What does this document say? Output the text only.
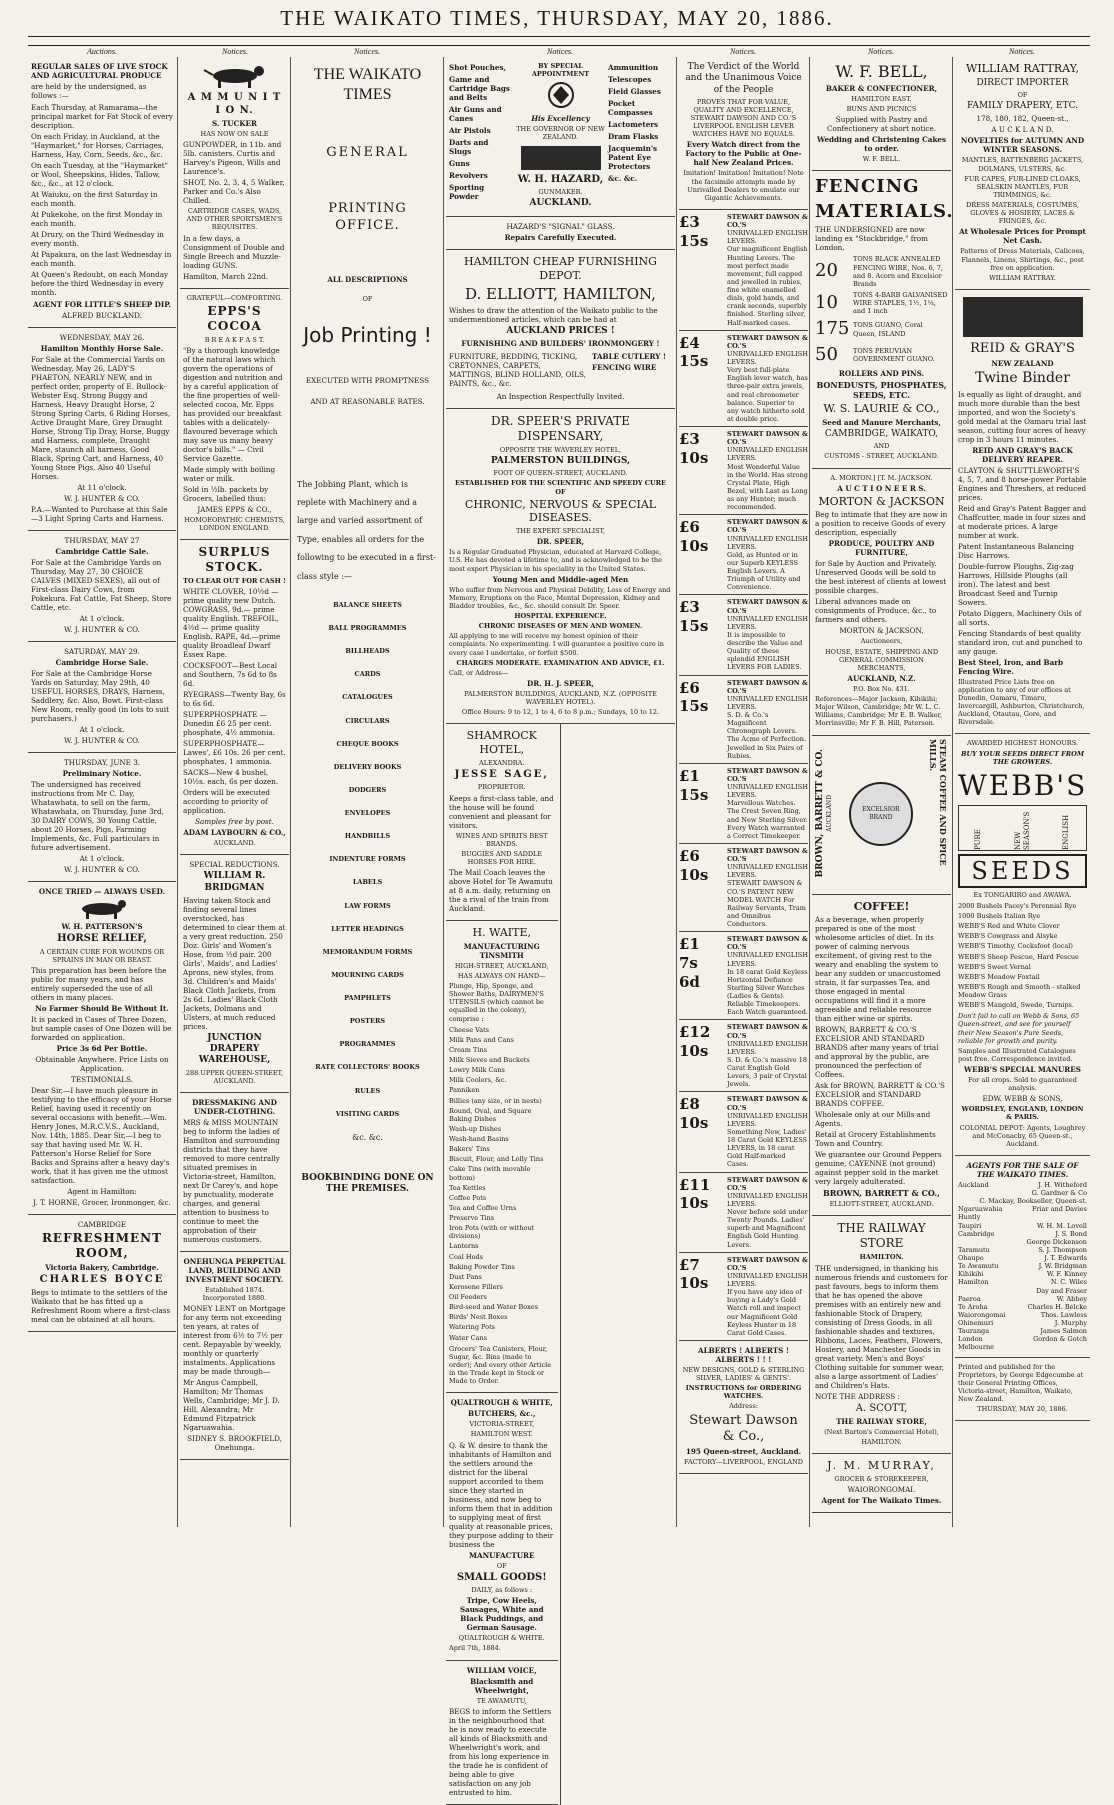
THE WAIKATO TIMES, THURSDAY, MAY 20, 1886.
Auctions.	Notices.	Notices.	Notices.	Notices.	Notices.	Notices.

REGULAR SALES OF LIVE STOCK AND AGRICULTURAL PRODUCE

are held by the undersigned, as follows :—

Each Thursday, at Ramarama—the principal market for Fat Stock of every description.
On each Friday, in Auckland, at the "Haymarket," for Horses, Carriages, Harness, Hay, Corn, Seeds, &c., &c.
On each Tuesday, at the "Haymarket" or Wool, Sheepskins, Hides, Tallow, &c., &c., at 12 o'clock.
At Waiuku, on the first Saturday in each month.
At Pukekohe, on the first Monday in each month.
At Drury, on the Third Wednesday in every month.
At Papakura, on the last Wednesday in each month.
At Queen's Redoubt, on each Monday before the third Wednesday in every month.

AGENT FOR LITTLE'S SHEEP DIP.

ALFRED BUCKLAND.

WEDNESDAY, MAY 26.

Hamilton Monthly Horse Sale.

For Sale at the Commercial Yards on Wednesday, May 26, LADY'S PHAETON, NEARLY NEW, and in perfect order, property of E. Bullock-Webster Esq. Strong Buggy and Harness, Heavy Draught Horse, 2 Strong Spring Carts, 6 Riding Horses, Active Draught Mare, Grey Draught Horse, Strong Tip Dray, Horse, Buggy and Harness, complete, Draught Mare, staunch all harness, Good Black, Spring Cart, and Harness, 40 Young Store Pigs, Also 40 Useful Horses.

At 11 o'clock.

W. J. HUNTER & CO.

P.A.—Wanted to Purchase at this Sale —3 Light Spring Carts and Harness.

THURSDAY, MAY 27

Cambridge Cattle Sale.

For Sale at the Cambridge Yards on Thursday, May 27, 30 CHOICE CALVES (MIXED SEXES), all out of First-class Dairy Cows, from Pokekura. Fat Cattle, Fat Sheep, Store Cattle, etc.

At 1 o'clock.

W. J. HUNTER & CO.

SATURDAY, MAY 29.

Cambridge Horse Sale.

For Sale at the Cambridge Horse Yards on Saturday, May 29th, 40 USEFUL HORSES, DRAYS, Harness, Saddlery, &c. Also, Bowt. First-class New Room, really good (in lots to suit purchasers.)

At 1 o'clock.

W. J. HUNTER & CO.

THURSDAY, JUNE 3.

Preliminary Notice.

The undersigned has received instructions from Mr C. Day, Whatawhata, to sell on the farm, Whatawhata, on Thursday, June 3rd, 30 DAIRY COWS, 30 Young Cattle, about 20 Horses, Pigs, Farming Implements, &c. Full particulars in future advertisement.

At 1 o'clock.

W. J. HUNTER & CO.

ONCE TRIED — ALWAYS USED.

W. H. PATTERSON'S

HORSE RELIEF,

A CERTAIN CURE FOR WOUNDS OR SPRAINS IN MAN OR BEAST.

This preparation has been before the public for many years, and has entirely superseded the use of all others in many places.

No Farmer Should Be Without It.

It is packed in Cases of Three Dozen, but sample cases of One Dozen will be forwarded on application.

Price 3s 6d Per Bottle.

Obtainable Anywhere. Price Lists on Application.

TESTIMONIALS.

Dear Sir,—I have much pleasure in testifying to the efficacy of your Horse Relief, having used it recently on several occasions with benefit.—Wm. Henry Jones, M.R.C.V.S., Auckland, Nov. 14th, 1885. Dear Sir,—I beg to say that having used Mr. W. H. Patterson's Horse Relief for Sore Backs and Sprains after a heavy day's work, that it has given me the utmost satisfaction.

Agent in Hamilton:

J. T. HORNE, Grocer, Ironmonger, &c.

CAMBRIDGE

REFRESHMENT ROOM,

Victoria Bakery, Cambridge.

CHARLES BOYCE

Begs to intimate to the settlers of the Waikato that he has fitted up a Refreshment Room where a first-class meal can be obtained at all hours.

A M M U N I T I O N.

S. TUCKER

HAS NOW ON SALE

GUNPOWDER, in 11b. and 5lb. canisters. Curtis and Harvey's Pigeon, Wills and Laurence's.

SHOT, No. 2, 3, 4, 5 Walker, Parker and Co.'s Also Chilled.

CARTRIDGE CASES, WADS, AND OTHER SPORTSMEN'S REQUISITES.

In a few days, a Consignment of Double and Single Breech and Muzzle-loading GUNS.

Hamilton, March 22nd.

GRATEFUL—COMFORTING.

EPPS'S COCOA

B R E A K F A S T.

"By a thorough knowledge of the natural laws which govern the operations of digestion and nutrition and by a careful application of the fine properties of well-selected cocoa, Mr. Epps has provided our breakfast tables with a delicately-flavoured beverage which may save us many heavy doctor's bills." — Civil Service Gazette.

Made simply with boiling water or milk.

Sold in ½lb. packets by Grocers, labelled thus:

JAMES EPPS & CO.,

HOMOEOPATHIC CHEMISTS, LONDON ENGLAND.

SURPLUS STOCK.

TO CLEAR OUT FOR CASH !

WHITE CLOVER, 10½d — prime quality new Dutch. COWGRASS, 9d.— prime quality English. TREFOIL, 4½d — prime quality English. RAPE, 4d.—prime quality Broadleaf Dwarf Essex Rape.

COCKSFOOT—Best Local and Southern, 7s 6d to 8s 6d.

RYEGRASS—Twenty Bay, 6s to 6s 6d.

SUPERPHOSPHATE — Dunedin £6 25 per cent. phosphate, 4½ ammonia.

SUPERPHOSPHATE—Lawes', £6 10s. 26 per cent. phosphates, 1 ammonia.

SACKS—New 4 bushel, 10½s. each, 6s per dozen.

Orders will be executed according to priority of application.

Samples free by post.

ADAM LAYBOURN & CO.,

AUCKLAND.

SPECIAL REDUCTIONS.

WILLIAM R. BRIDGMAN

Having taken Stock and finding several lines overstocked, has determined to clear them at a very great reduction. 250 Doz. Girls' and Women's Hose, from ½d pair. 200 Girls', Maids', and Ladies' Aprons, new styles, from 3d. Children's and Maids' Black Cloth Jackets, from 2s 6d. Ladies' Black Cloth Jackets, Dolmans and Ulsters, at much reduced prices.

JUNCTION DRAPERY WAREHOUSE,

288 UPPER QUEEN-STREET, AUCKLAND.

DRESSMAKING AND UNDER-CLOTHING.

MRS & MISS MOUNTAIN beg to inform the ladies of Hamilton and surrounding districts that they have removed to more centrally situated premises in Victoria-street, Hamilton, next Dr Carey's, and hope by punctuality, moderate charges, and general attention to business to continue to meet the approbation of their numerous customers.

ONEHUNGA PERPETUAL LAND, BUILDING AND INVESTMENT SOCIETY.

Established 1874. Incorporated 1880.

MONEY LENT on Mortgage for any term not exceeding ten years, at rates of interest from 6½ to 7½ per cent. Repayable by weekly, monthly or quarterly instalments. Applications may be made through—

Mr Angus Campbell, Hamilton; Mr Thomas Wells, Cambridge; Mr J. D. Hill, Alexandra; Mr Edmund Fitzpatrick Ngaruawahia.

SIDNEY S. BROOKFIELD, Onehunga.

THE WAIKATO TIMES

GENERAL

PRINTING OFFICE.

ALL DESCRIPTIONS

OF

Job Printing !

EXECUTED WITH PROMPTNESS

AND AT REASONABLE RATES.

The Jobbing Plant, which is replete with Machinery and a large and varied assortment of Type, enables all orders for the following to be executed in a first-class style :—

BALANCE SHEETS

BALL PROGRAMMES

BILLHEADS

CARDS

CATALOGUES

CIRCULARS

CHEQUE BOOKS

DELIVERY BOOKS

DODGERS

ENVELOPES

HANDBILLS

INDENTURE FORMS

LABELS

LAW FORMS

LETTER HEADINGS

MEMORANDUM FORMS

MOURNING CARDS

PAMPHLETS

POSTERS

PROGRAMMES

RATE COLLECTORS' BOOKS

RULES

VISITING CARDS

&c. &c.

BOOKBINDING DONE ON THE PREMISES.

Shot Pouches,

Game and Cartridge Bags and Belts

Air Guns and Canes

Air Pistols

Darts and Slugs

Guns

Revolvers

Sporting Powder

BY SPECIAL APPOINTMENT

His Excellency

THE GOVERNOR OF NEW ZEALAND.

W. H. HAZARD,

GUNMAKER.

AUCKLAND.

Ammunition

Telescopes

Field Glasses

Pocket Compasses

Lactometers

Dram Flasks

Jacquemin's Patent Eye Protectors

&c. &c.

HAZARD'S "SIGNAL" GLASS.

Repairs Carefully Executed.

HAMILTON CHEAP FURNISHING DEPOT.

D. ELLIOTT, HAMILTON,

Wishes to draw the attention of the Waikato public to the undermentioned articles, which can be had at

AUCKLAND PRICES !

FURNISHING AND BUILDERS' IRONMONGERY !

FURNITURE, BEDDING, TICKING, CRETONNES, CARPETS, MATTINGS, BLIND HOLLAND, OILS, PAINTS, &c., &c.

TABLE CUTLERY !

FENCING WIRE

An Inspection Respectfully Invited.

DR. SPEER'S PRIVATE DISPENSARY,

OPPOSITE THE WAVERLEY HOTEL,

PALMERSTON BUILDINGS,

FOOT OF QUEEN-STREET, AUCKLAND.

ESTABLISHED FOR THE SCIENTIFIC AND SPEEDY CURE OF

CHRONIC, NERVOUS & SPECIAL DISEASES.

THE EXPERT SPECIALIST,

DR. SPEER,

Is a Regular Graduated Physician, educated at Harvard College, U.S. He has devoted a lifetime to, and is acknowledged to be the most expert Physician in his speciality in the United States.

Young Men and Middle-aged Men

Who suffer from Nervous and Physical Debility, Loss of Energy and Memory, Eruptions on the Face, Mental Depression, Kidney and Bladder troubles, &c., &c. should consult Dr. Speer.

HOSPITAL EXPERIENCE.

CHRONIC DISEASES OF MEN AND WOMEN.

All applying to me will receive my honest opinion of their complaints. No experimenting. I will guarantee a positive cure in every case I undertake, or forfeit $500.

CHARGES MODERATE. EXAMINATION AND ADVICE, £1.

Call, or Address—

DR. H. J. SPEER,

PALMERSTON BUILDINGS, AUCKLAND, N.Z. (OPPOSITE WAVERLEY HOTEL).

Office Hours: 9 to 12, 1 to 4, 6 to 8 p.m.; Sundays, 10 to 12.

SHAMROCK HOTEL,

ALEXANDRA.

JESSE SAGE,

PROPRIETOR.

Keeps a first-class table, and the house will be found convenient and pleasant for visitors.

WINES AND SPIRITS BEST BRANDS.

BUGGIES AND SADDLE HORSES FOR HIRE.

The Mail Coach leaves the above Hotel for Te Awamutu at 8 a.m. daily, returning on the a rival of the train from Auckland.

H. WAITE,

MANUFACTURING TINSMITH

HIGH-STREET, AUCKLAND,

HAS ALWAYS ON HAND—

Plunge, Hip, Sponge, and Shower Baths, DAIRYMEN'S UTENSILS (which cannot be equalled in the colony), comprise :

Cheese Vats
Milk Pans and Cans
Cream Tins
Milk Sieves and Buckets
Lowry Milk Cans
Milk Coolers, &c.
Panniken
Billies (any size, or in nests)
Round, Oval, and Square Baking Dishes
Wash-up Dishes
Wash-hand Basins
Bakers' Tins
Biscuit, Flour, and Lolly Tins
Cake Tins (with movable bottom)
Tea Kettles
Coffee Pots
Tea and Coffee Urns
Preserve Tins
Iron Pots (with or without divisions)
Lanterns
Coal Hods
Baking Powder Tins
Dust Pans
Kerosene Fillers
Oil Feeders
Bird-seed and Water Boxes
Birds' Nest Boxes
Watering Pots
Water Cans

Grocers' Tea Canisters, Flour, Sugar, &c. Bins (made to order); And every other Article in the Trade kept in Stock or Made to Order.

QUALTROUGH & WHITE,

BUTCHERS, &c.,

VICTORIA-STREET,

HAMILTON WEST.

Q. & W. desire to thank the inhabitants of Hamilton and the settlers around the district for the liberal support accorded to them since they started in business, and now beg to inform them that in addition to supplying meat of first quality at reasonable prices, they purpose adding to their business the

MANUFACTURE

OF

SMALL GOODS!

DAILY, as follows :

Tripe, Cow Heels, Sausages, White and Black Puddings, and German Sausage.

QUALTROUGH & WHITE.

April 7th, 1884.

WILLIAM VOICE,

Blacksmith and Wheelwright,

TE AWAMUTU,

BEGS to inform the Settlers in the neighbourhood that he is now ready to execute all kinds of Blacksmith and Wheelwright's work, and from his long experience in the trade he is confident of being able to give satisfaction on any job entrusted to him.

The Verdict of the World and the Unanimous Voice of the People

PROVES THAT FOR VALUE, QUALITY AND EXCELLENCE, STEWART DAWSON AND CO.'S LIVERPOOL ENGLISH LEVER WATCHES HAVE NO EQUALS.

Every Watch direct from the Factory to the Public at One-half New Zealand Prices.

Imitation! Imitation! Imitation! Note the facsimile attempts made by Unrivalled Dealers to emulate our Gigantic Achievements.

£3 15s
STEWART DAWSON & CO.'S
UNRIVALLED ENGLISH LEVERS.
Our magnificent English Hunting Levers. The most perfect made movement, full capped and jewelled in rubies, fine white enamelled dials, gold hands, and crank seconds, superbly finished. Sterling silver, Half-marked cases.
£4 15s
STEWART DAWSON & CO.'S
UNRIVALLED ENGLISH LEVERS.
Very best full-plate English lever watch, has three-pair extra jewels, and real chronometer balance. Superior to any watch hitherto sold at double price.
£3 10s
STEWART DAWSON & CO.'S
UNRIVALLED ENGLISH LEVERS.
Most Wonderful Value in the World. Has strong Crystal Plate, High Bezel, with Last as Long as any Hunter; much recommended.
£6 10s
STEWART DAWSON & CO.'S
UNRIVALLED ENGLISH LEVERS.
Gold, as Hunted or in our Superb KEYLESS English Levers. A Triumph of Utility and Convenience.
£3 15s
STEWART DAWSON & CO.'S
UNRIVALLED ENGLISH LEVERS.
It is impossible to describe the Value and Quality of these splendid ENGLISH LEVERS FOR LADIES.
£6 15s
STEWART DAWSON & CO.'S
UNRIVALLED ENGLISH LEVERS.
S. D. & Co.'s Magnificent Chronograph Levers. The Acme of Perfection. Jewelled in Six Pairs of Rubies.
£1 15s
STEWART DAWSON & CO.'S
UNRIVALLED ENGLISH LEVERS.
Marvellous Watches. The Crest Seven Ring, and New Sterling Silver. Every Watch warranted a Correct Timekeeper.
£6 10s
STEWART DAWSON & CO.'S
UNRIVALLED ENGLISH LEVERS.
STEWART DAWSON & CO.'S PATENT NEW MODEL WATCH For Railway Servants, Tram and Omnibus Conductors.
£1 7s 6d
STEWART DAWSON & CO.'S
UNRIVALLED ENGLISH LEVERS.
In 18 carat Gold Keyless Horizontal Defiance Sterling Silver Watches (Ladies & Gents). Reliable Timekeepers. Each Watch guaranteed.
£12 10s
STEWART DAWSON & CO.'S
UNRIVALLED ENGLISH LEVERS.
S. D. & Co.'s massive 18 Carat English Gold Levers, 3 pair of Crystal Jewels.
£8 10s
STEWART DAWSON & CO.'S
UNRIVALLED ENGLISH LEVERS.
Something New, Ladies' 18 Carat Gold KEYLESS LEVERS, in 18 carat Gold Half-marked Cases.
£11 10s
STEWART DAWSON & CO.'S
UNRIVALLED ENGLISH LEVERS.
Never before sold under Twenty Pounds. Ladies' superb and Magnificent English Gold Hunting Levers.
£7 10s
STEWART DAWSON & CO.'S
UNRIVALLED ENGLISH LEVERS.
If you have any idea of buying a Lady's Gold Watch roll and inspect our Magnificent Gold Keyless Hunter in 18 Carat Gold Cases.

ALBERTS ! ALBERTS ! ALBERTS ! ! !

NEW DESIGNS, GOLD & STERLING SILVER, LADIES' & GENTS'.

INSTRUCTIONS for ORDERING WATCHES.

Address:

Stewart Dawson & Co.,

195 Queen-street, Auckland.

FACTORY—LIVERPOOL, ENGLAND

W. F. BELL,

BAKER & CONFECTIONER,

HAMILTON EAST.

BUNS AND PICNICS

Supplied with Pastry and Confectionery at short notice.

Wedding and Christening Cakes to order.

W. F. BELL.

FENCING

MATERIALS.

THE UNDERSIGNED are now landing ex "Stockbridge," from London,

20
TONS BLACK ANNEALED FENCING WIRE, Nos. 6, 7, and 8. Acorn and Excelsior Brands
10	TONS 4-BARB GALVANISED WIRE STAPLES, 1½, 1¼, and 1 inch
175 TONS GUANO, Coral Queen, ISLAND
50	TONS PERUVIAN GOVERNMENT GUANO.

ROLLERS AND PINS.

BONEDUSTS, PHOSPHATES, SEEDS, ETC.

W. S. LAURIE & CO.,

Seed and Manure Merchants,

CAMBRIDGE, WAIKATO,

AND

CUSTOMS - STREET, AUCKLAND.

A. MORTON.] [T. M. JACKSON.

A U C T I O N E E R S.

MORTON & JACKSON

Beg to intimate that they are now in a position to receive Goods of every description, especially

PRODUCE, POULTRY AND FURNITURE,

for Sale by Auction and Privately. Unreserved Goods will be sold to the best interest of clients at lowest possible charges.

Liberal advances made on consignments of Produce, &c., to farmers and others.

MORTON & JACKSON,

Auctioneers,

HOUSE, ESTATE, SHIPPING AND GENERAL COMMISSION MERCHANTS,

AUCKLAND, N.Z.

P.O. Box No. 431.

References—Major Jackson, Kihikihi; Major Wilson, Cambridge; Mr W. L. C. Williams, Cambridge; Mr E. B. Walker, Morrinsville; Mr F. B. Hill, Paterson.

BROWN, BARRETT & CO. AUCKLAND	EXCELSIOR BRAND	STEAM COFFEE AND SPICE MILLS.

COFFEE!

As a beverage, when properly prepared is one of the most wholesome articles of diet. In its power of calming nervous excitement, of giving rest to the weary and enabling the system to bear any sudden or unaccustomed strain, it far surpasses Tea, and those engaged in mental occupations will find it a more agreeable and reliable resource than either wine or spirits.

BROWN, BARRETT & CO.'S EXCELSIOR AND STANDARD BRANDS after many years of trial and approval by the public, are pronounced the perfection of Coffees.

Ask for BROWN, BARRETT & CO.'S EXCELSIOR and STANDARD BRANDS COFFEE.

Wholesale only at our Mills and Agents.

Retail at Grocery Establishments Town and Country.

We guarantee our Ground Peppers genuine, CAYENNE (not ground) against pepper sold in the market very largely adulterated.

BROWN, BARRETT & CO.,

ELLIOTT-STREET, AUCKLAND.

THE RAILWAY STORE

HAMILTON.

THE undersigned, in thanking his numerous friends and customers for past favours, begs to inform them that he has opened the above premises with an entirely new and fashionable Stock of Drapery, consisting of Dress Goods, in all fashionable shades and textures, Ribbons, Laces, Feathers, Flowers, Hosiery, and Manchester Goods in great variety. Men's and Boys' Clothing suitable for summer wear, also a large assortment of Ladies' and Children's Hats.

NOTE THE ADDRESS :

A. SCOTT,

THE RAILWAY STORE,

(Next Barton's Commercial Hotel),

HAMILTON.

J. M. MURRAY,

GROCER & STOREKEEPER,

WAIORONGOMAI.

Agent for The Waikato Times.

WILLIAM RATTRAY,

DIRECT IMPORTER

OF

FAMILY DRAPERY, ETC.

178, 180, 182, Queen-st.,

A U C K L A N D.

NOVELTIES for AUTUMN AND WINTER SEASONS.

MANTLES, BATTENBERG JACKETS, DOLMANS, ULSTERS, &c.

FUR CAPES, FUR-LINED CLOAKS, SEALSKIN MANTLES, FUR TRIMMINGS, &c.

DRESS MATERIALS, COSTUMES, GLOVES & HOSIERY, LACES & FRINGES, &c.

At Wholesale Prices for Prompt Net Cash.

Patterns of Dress Materials, Calicoes, Flannels, Linens, Shirtings, &c., post free on application.

WILLIAM RATTRAY.

REID & GRAY'S

NEW ZEALAND

Twine Binder

Is equally as light of draught, and much more durable than the best imported, and won the Society's gold medal at the Oamaru trial last season, cutting four acres of heavy crop in 3 hours 11 minutes.

REID AND GRAY'S BACK DELIVERY REAPER.

CLAYTON & SHUTTLEWORTH'S 4, 5, 7, and 8 horse-power Portable Engines and Threshers, at reduced prices.

Reid and Gray's Patent Bagger and Chaffcutter, made in four sizes and at moderate prices. A large number at work.

Patent Instantaneous Balancing Disc Harrows.

Double-furrow Ploughs, Zig-zag Harrows, Hillside Ploughs (all iron). The latest and best Broadcast Seed and Turnip Sowers.

Potato Diggers, Machinery Oils of all sorts.

Fencing Standards of best quality standard iron, cut and punched to any gauge.

Best Steel, Iron, and Barb Fencing Wire.

Illustrated Price Lists free on application to any of our offices at Dunedin, Oamaru, Timaru, Invercargill, Ashburton, Christchurch, Auckland, Otautau, Gore, and Riversdale.

AWARDED HIGHEST HONOURS.

BUY YOUR SEEDS DIRECT FROM THE GROWERS.

WEBB'S

PURE	NEW SEASON'S	ENGLISH

SEEDS

Ex TONGARIRO and AWAWA.

2000 Bushels Pacey's Perennial Rye
1000 Bushels Italian Rye
WEBB'S Red and White Clover
WEBB'S Cowgrass and Alsyke
WEBB'S Timothy, Cocksfoot (local)
WEBB'S Sheep Fescue, Hard Fescue
WEBB'S Sweet Vernal
WEBB'S Meadow Foxtail
WEBB'S Rough and Smooth - stalked Meadow Grass
WEBB'S Mangold, Swede, Turnips.

Don't fail to call on Webb & Sons, 65 Queen-street, and see for yourself their New Season's Pure Seeds, reliable for growth and purity.

Samples and Illustrated Catalogues post free. Correspondence invited.

WEBB'S SPECIAL MANURES

For all crops. Sold to guaranteed analysis.

EDW. WEBB & SONS,

WORDSLEY, ENGLAND, LONDON & PARIS.

COLONIAL DEPOT: Agents, Loughrey and McConachy, 65 Queen-st., Auckland.

AGENTS FOR THE SALE OF THE WAIKATO TIMES.

Auckland	J. H. Witheford
G. Gardner & Co
C. Mackay, Bookseller, Queen-st.
Ngaruawahia	Friar and Davies
Huntly
Taupiri	W. H. M. Lovell
Cambridge	J. S. Bond
George Dickenson
Taramutu	S. J. Thompson
Ohaupo	J. T. Edwards
Te Awamutu	J. W. Bridgman
Kihikihi	W. F. Kinney
Hamilton	N. C. Wiles
Day and Fraser
Paeroa	W. Abbey
Te Aroha	Charles H. Belcke
Waiorongomai	Thos. Lawless
Ohinemuri	J. Murphy
Tauranga	James Salmon
London	Gordon & Gotch
Melbourne

Printed and published for the Proprietors, by George Edgecumbe at their General Printing Offices, Victoria-street, Hamilton, Waikato, New Zealand.

THURSDAY, MAY 20, 1886.
